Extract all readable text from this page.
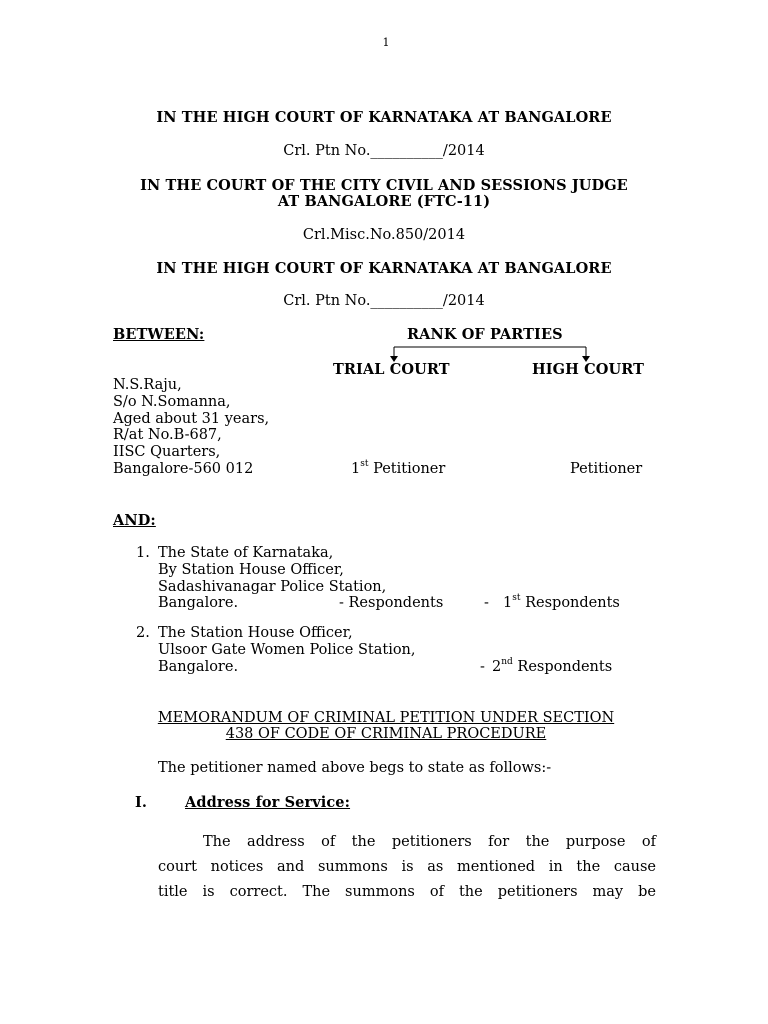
1
IN THE HIGH COURT OF KARNATAKA AT BANGALORE
Crl. Ptn No.__________/2014
IN THE COURT OF THE CITY CIVIL AND SESSIONS JUDGE
AT BANGALORE (FTC-11)
Crl.Misc.No.850/2014
IN THE HIGH COURT OF KARNATAKA AT BANGALORE
Crl. Ptn No.__________/2014
BETWEEN:	RANK OF PARTIES
TRIAL COURT	HIGH COURT
N.S.Raju,
S/o N.Somanna,
Aged about 31 years,
R/at No.B-687,
IISC Quarters,
Bangalore-560 012	1st Petitioner	Petitioner
AND:
1. The State of Karnataka,
By Station House Officer,
Sadashivanagar Police Station,
Bangalore.	- Respondents	- 1st Respondents
2. The Station House Officer,
Ulsoor Gate Women Police Station,
Bangalore.	- 2nd Respondents
MEMORANDUM OF CRIMINAL PETITION UNDER SECTION
438 OF CODE OF CRIMINAL PROCEDURE
The petitioner named above begs to state as follows:-
I.	Address for Service:
The address of the petitioners for the purpose of
court notices and summons is as mentioned in the cause
title is correct. The summons of the petitioners may be
